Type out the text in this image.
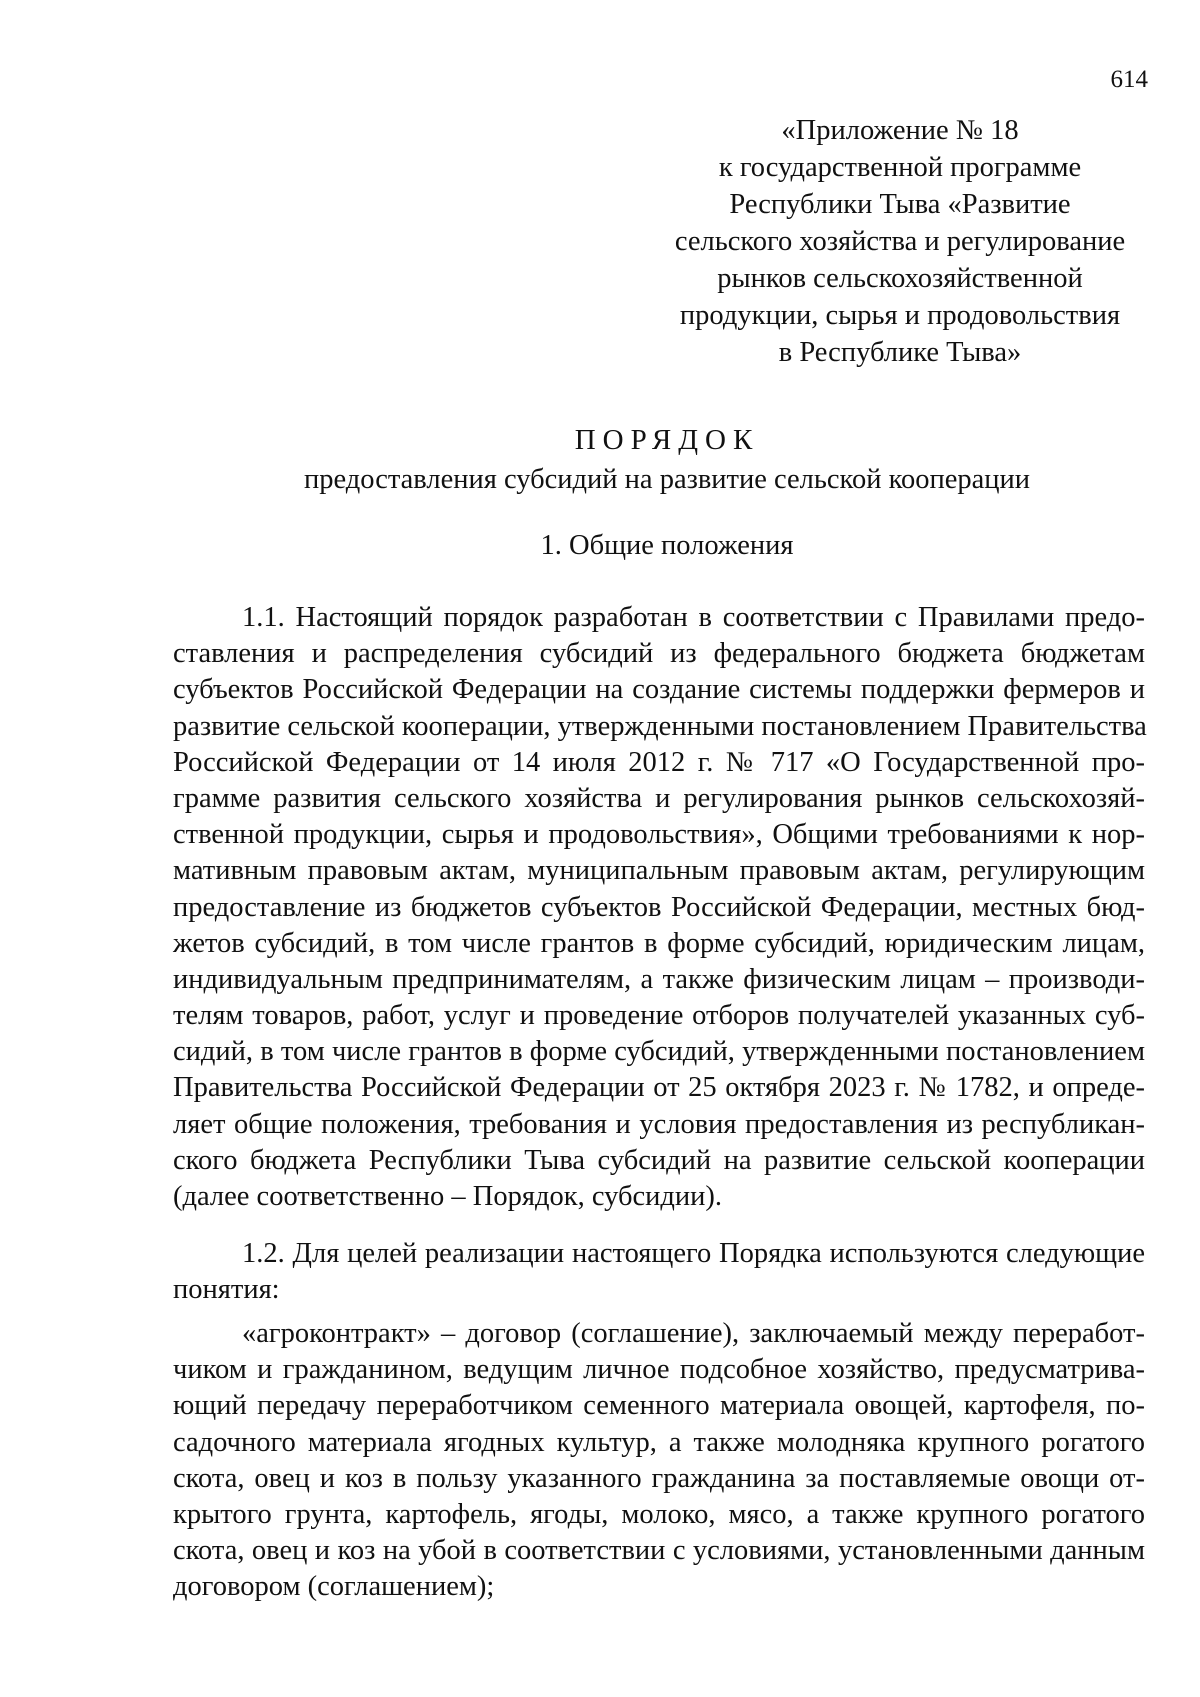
614
«Приложение № 18
к государственной программе
Республики Тыва «Развитие
сельского хозяйства и регулирование
рынков сельскохозяйственной
продукции, сырья и продовольствия
в Республике Тыва»
ПОРЯДОК
предоставления субсидий на развитие сельской кооперации
1. Общие положения
1.1. Настоящий порядок разработан в соответствии с Правилами предо-
ставления и распределения субсидий из федерального бюджета бюджетам
субъектов Российской Федерации на создание системы поддержки фермеров и
развитие сельской кооперации, утвержденными постановлением Правительства
Российской Федерации от 14 июля 2012 г. № 717 «О Государственной про-
грамме развития сельского хозяйства и регулирования рынков сельскохозяй-
ственной продукции, сырья и продовольствия», Общими требованиями к нор-
мативным правовым актам, муниципальным правовым актам, регулирующим
предоставление из бюджетов субъектов Российской Федерации, местных бюд-
жетов субсидий, в том числе грантов в форме субсидий, юридическим лицам,
индивидуальным предпринимателям, а также физическим лицам – производи-
телям товаров, работ, услуг и проведение отборов получателей указанных суб-
сидий, в том числе грантов в форме субсидий, утвержденными постановлением
Правительства Российской Федерации от 25 октября 2023 г. № 1782, и опреде-
ляет общие положения, требования и условия предоставления из республикан-
ского бюджета Республики Тыва субсидий на развитие сельской кооперации
(далее соответственно – Порядок, субсидии).
1.2. Для целей реализации настоящего Порядка используются следующие
понятия:
«агроконтракт» – договор (соглашение), заключаемый между переработ-
чиком и гражданином, ведущим личное подсобное хозяйство, предусматрива-
ющий передачу переработчиком семенного материала овощей, картофеля, по-
садочного материала ягодных культур, а также молодняка крупного рогатого
скота, овец и коз в пользу указанного гражданина за поставляемые овощи от-
крытого грунта, картофель, ягоды, молоко, мясо, а также крупного рогатого
скота, овец и коз на убой в соответствии с условиями, установленными данным
договором (соглашением);
